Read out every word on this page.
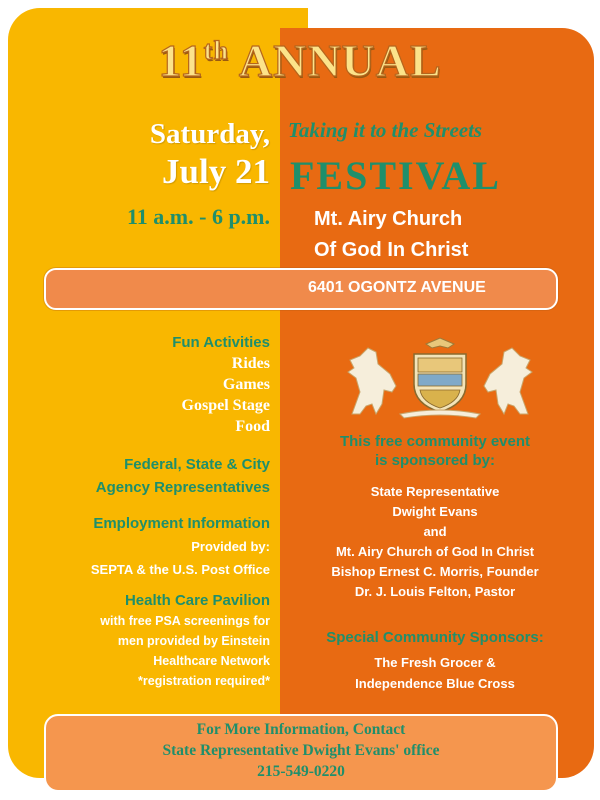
11th ANNUAL
Saturday,
July 21
11 a.m. - 6 p.m.
Taking it to the Streets
FESTIVAL
Mt. Airy Church
Of God In Christ
6401 OGONTZ AVENUE
Fun Activities
Rides
Games
Gospel Stage
Food
Federal, State & City
Agency Representatives
Employment Information
Provided by:
SEPTA & the U.S. Post Office
Health Care Pavilion
with free PSA screenings for
men provided by Einstein
Healthcare Network
*registration required*
This free community event
is sponsored by:
State Representative
Dwight Evans
and
Mt. Airy Church of God In Christ
Bishop Ernest C. Morris, Founder
Dr. J. Louis Felton, Pastor
Special Community Sponsors:
The Fresh Grocer &
Independence Blue Cross
For More Information, Contact
State Representative Dwight Evans' office
215-549-0220
